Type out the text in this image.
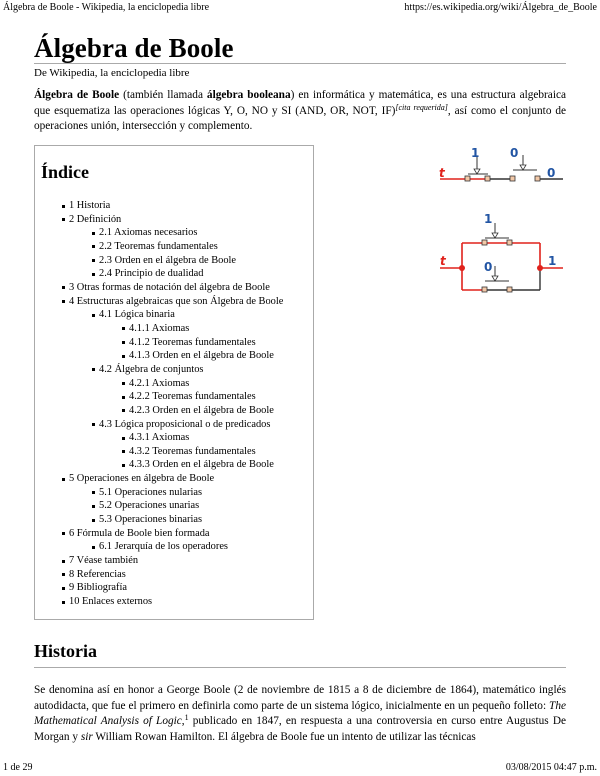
Álgebra de Boole - Wikipedia, la enciclopedia libre	https://es.wikipedia.org/wiki/Álgebra_de_Boole
Álgebra de Boole
De Wikipedia, la enciclopedia libre
Álgebra de Boole (también llamada álgebra booleana) en informática y matemática, es una estructura algebraica que esquematiza las operaciones lógicas Y, O, NO y SI (AND, OR, NOT, IF)[cita requerida], así como el conjunto de operaciones unión, intersección y complemento.
Índice
1 Historia
2 Definición
2.1 Axiomas necesarios
2.2 Teoremas fundamentales
2.3 Orden en el álgebra de Boole
2.4 Principio de dualidad
3 Otras formas de notación del álgebra de Boole
4 Estructuras algebraicas que son Álgebra de Boole
4.1 Lógica binaria
4.1.1 Axiomas
4.1.2 Teoremas fundamentales
4.1.3 Orden en el álgebra de Boole
4.2 Álgebra de conjuntos
4.2.1 Axiomas
4.2.2 Teoremas fundamentales
4.2.3 Orden en el álgebra de Boole
4.3 Lógica proposicional o de predicados
4.3.1 Axiomas
4.3.2 Teoremas fundamentales
4.3.3 Orden en el álgebra de Boole
5 Operaciones en álgebra de Boole
5.1 Operaciones nularias
5.2 Operaciones unarias
5.3 Operaciones binarias
6 Fórmula de Boole bien formada
6.1 Jerarquía de los operadores
7 Véase también
8 Referencias
9 Bibliografía
10 Enlaces externos
t
1	0
0
t
1
0	1
Historia
Se denomina así en honor a George Boole (2 de noviembre de 1815 a 8 de diciembre de 1864), matemático inglés autodidacta, que fue el primero en definirla como parte de un sistema lógico, inicialmente en un pequeño folleto: The Mathematical Analysis of Logic,$^1$ publicado en 1847, en respuesta a una controversia en curso entre Augustus De Morgan y sir William Rowan Hamilton. El álgebra de Boole fue un intento de utilizar las técnicas
1 de 29	03/08/2015 04:47 p.m.
